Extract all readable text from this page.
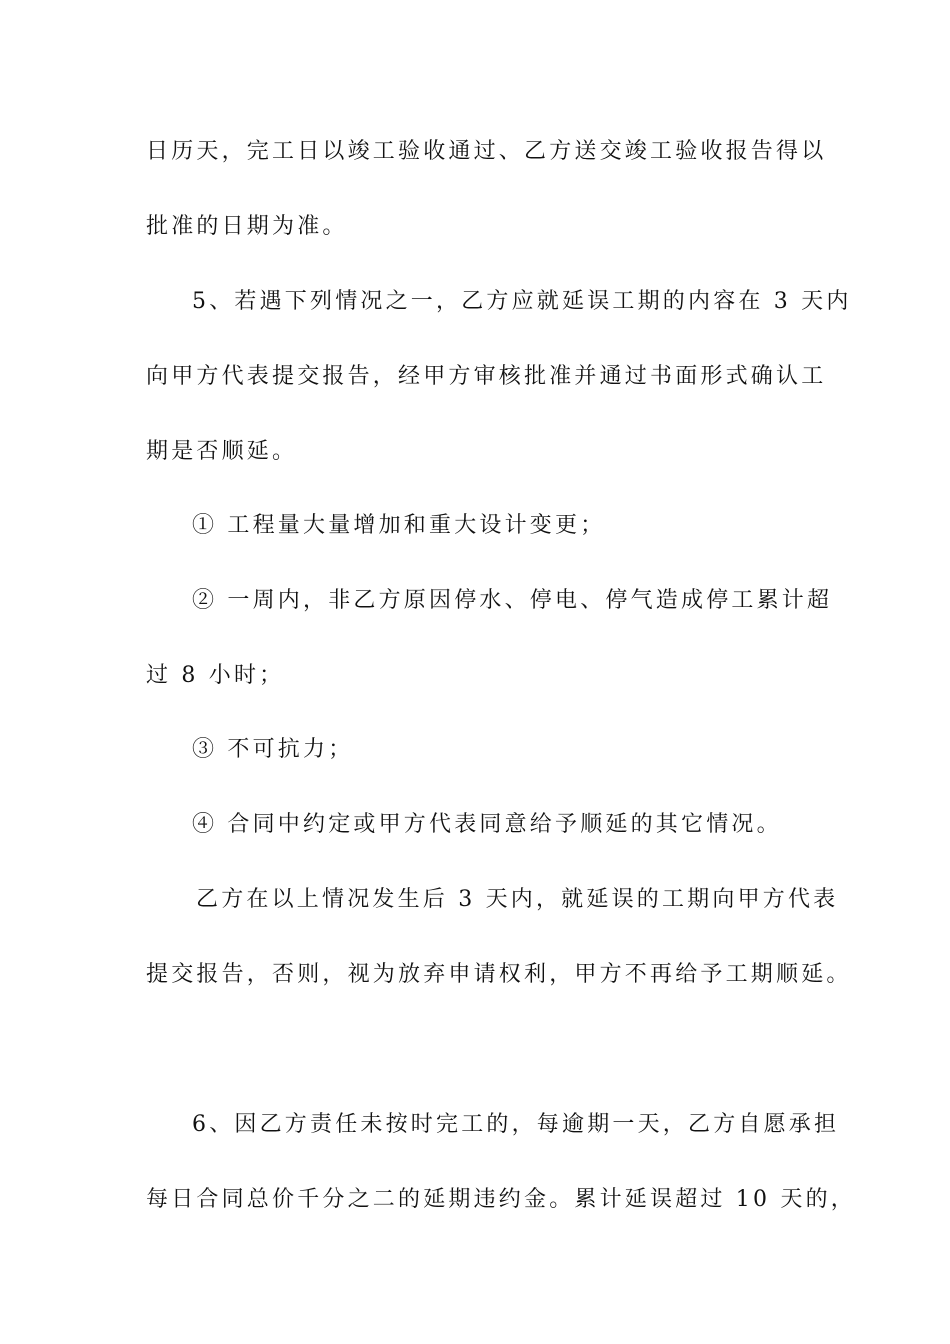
日历天，完工日以竣工验收通过、乙方送交竣工验收报告得以
批准的日期为准。
5、若遇下列情况之一，乙方应就延误工期的内容在 3 天内
向甲方代表提交报告，经甲方审核批准并通过书面形式确认工
期是否顺延。
① 工程量大量增加和重大设计变更；
② 一周内，非乙方原因停水、停电、停气造成停工累计超
过 8 小时；
③ 不可抗力；
④ 合同中约定或甲方代表同意给予顺延的其它情况。
乙方在以上情况发生后 3 天内，就延误的工期向甲方代表
提交报告，否则，视为放弃申请权利，甲方不再给予工期顺延。
6、因乙方责任未按时完工的，每逾期一天，乙方自愿承担
每日合同总价千分之二的延期违约金。累计延误超过 10 天的，
